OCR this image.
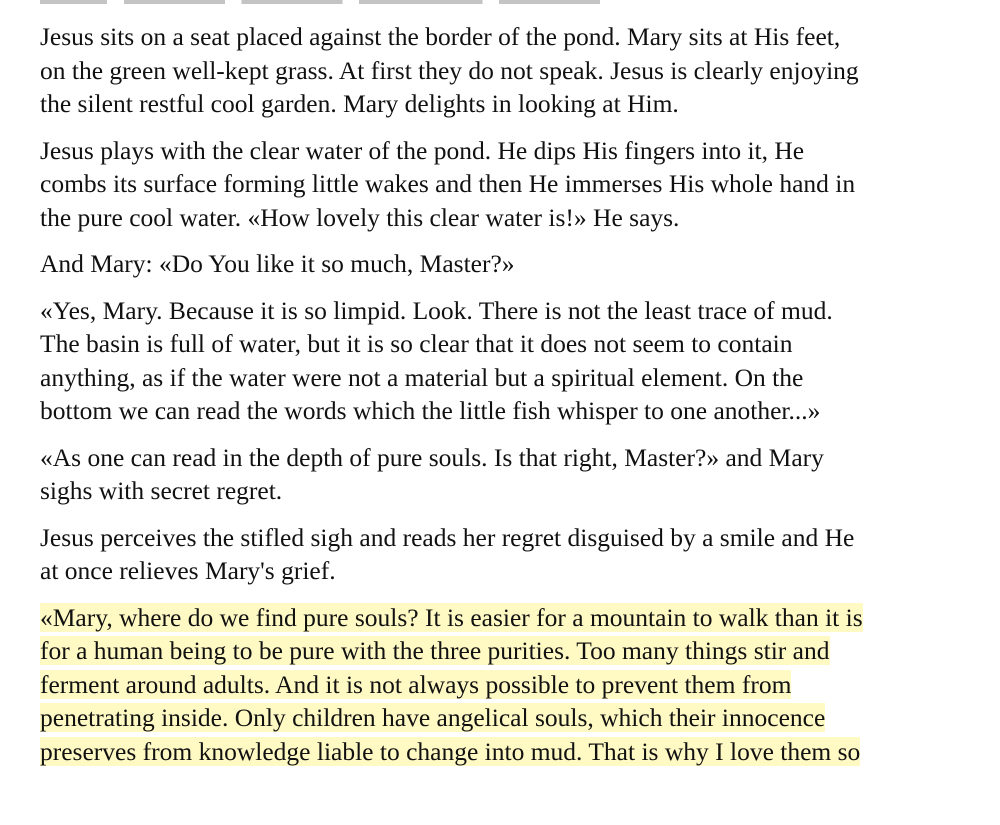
Jesus sits on a seat placed against the border of the pond. Mary sits at His feet,
on the green well-kept grass. At first they do not speak. Jesus is clearly enjoying
the silent restful cool garden. Mary delights in looking at Him.

Jesus plays with the clear water of the pond. He dips His fingers into it, He
combs its surface forming little wakes and then He immerses His whole hand in
the pure cool water. «How lovely this clear water is!» He says.

And Mary: «Do You like it so much, Master?»

«Yes, Mary. Because it is so limpid. Look. There is not the least trace of mud.
The basin is full of water, but it is so clear that it does not seem to contain
anything, as if the water were not a material but a spiritual element. On the
bottom we can read the words which the little fish whisper to one another...»

«As one can read in the depth of pure souls. Is that right, Master?» and Mary
sighs with secret regret.

Jesus perceives the stifled sigh and reads her regret disguised by a smile and He
at once relieves Mary's grief.

«Mary, where do we find pure souls? It is easier for a mountain to walk than it is
for a human being to be pure with the three purities. Too many things stir and
ferment around adults. And it is not always possible to prevent them from
penetrating inside. Only children have angelical souls, which their innocence
preserves from knowledge liable to change into mud. That is why I love them so
